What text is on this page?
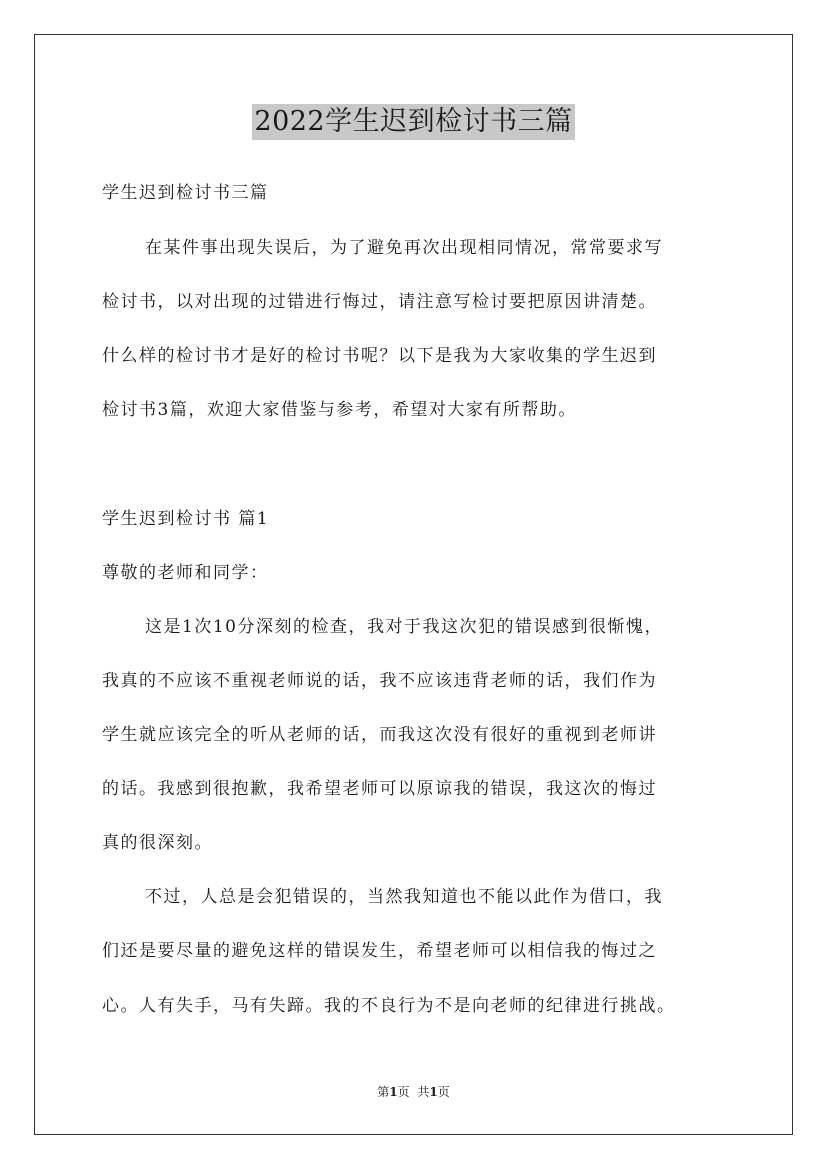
2022学生迟到检讨书三篇
学生迟到检讨书三篇
在某件事出现失误后，为了避免再次出现相同情况，常常要求写
检讨书，以对出现的过错进行悔过，请注意写检讨要把原因讲清楚。
什么样的检讨书才是好的检讨书呢？以下是我为大家收集的学生迟到
检讨书3篇，欢迎大家借鉴与参考，希望对大家有所帮助。
学生迟到检讨书 篇1
尊敬的老师和同学：
这是1次10分深刻的检查，我对于我这次犯的错误感到很惭愧，
我真的不应该不重视老师说的话，我不应该违背老师的话，我们作为
学生就应该完全的听从老师的话，而我这次没有很好的重视到老师讲
的话。我感到很抱歉，我希望老师可以原谅我的错误，我这次的悔过
真的很深刻。
不过，人总是会犯错误的，当然我知道也不能以此作为借口，我
们还是要尽量的避免这样的错误发生，希望老师可以相信我的悔过之
心。人有失手，马有失蹄。我的不良行为不是向老师的纪律进行挑战。
第1页 共1页
